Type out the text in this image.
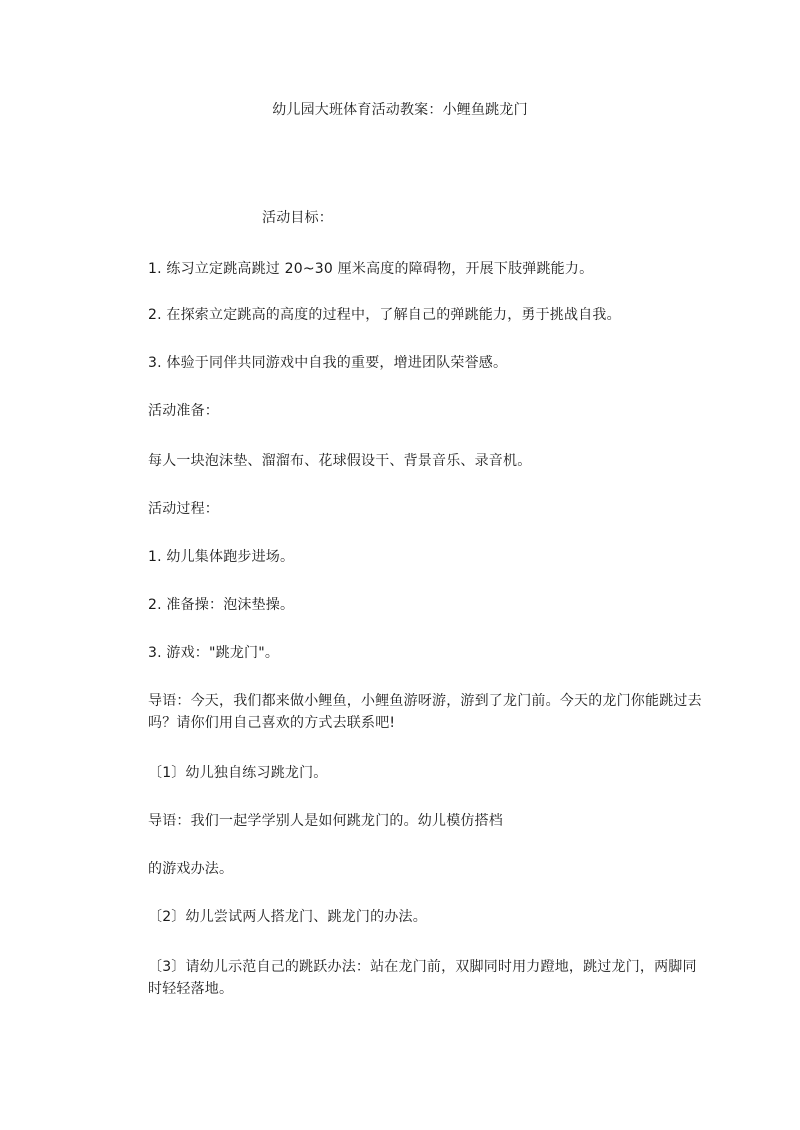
幼儿园大班体育活动教案：小鲤鱼跳龙门
活动目标：
1. 练习立定跳高跳过 20~30 厘米高度的障碍物，开展下肢弹跳能力。
2. 在探索立定跳高的高度的过程中，了解自己的弹跳能力，勇于挑战自我。
3. 体验于同伴共同游戏中自我的重要，增进团队荣誉感。
活动准备：
每人一块泡沫垫、溜溜布、花球假设干、背景音乐、录音机。
活动过程：
1. 幼儿集体跑步进场。
2. 准备操：泡沫垫操。
3. 游戏："跳龙门"。
导语：今天，我们都来做小鲤鱼，小鲤鱼游呀游，游到了龙门前。今天的龙门你能跳过去吗？请你们用自己喜欢的方式去联系吧!
〔1〕幼儿独自练习跳龙门。
导语：我们一起学学别人是如何跳龙门的。幼儿模仿搭档
的游戏办法。
〔2〕幼儿尝试两人搭龙门、跳龙门的办法。
〔3〕请幼儿示范自己的跳跃办法：站在龙门前，双脚同时用力蹬地，跳过龙门，两脚同时轻轻落地。
